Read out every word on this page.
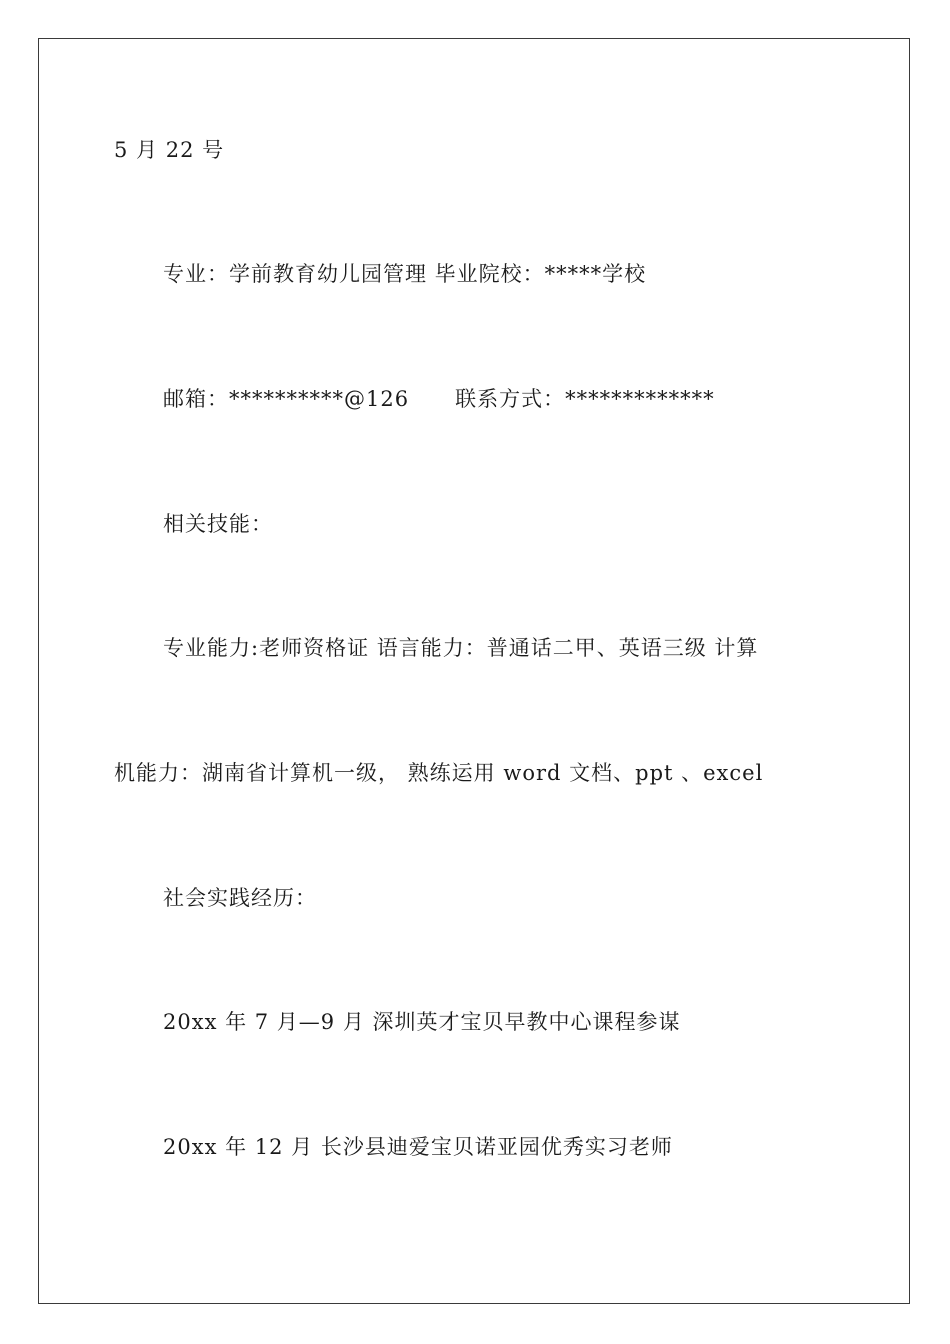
5 月 22 号
专业：学前教育幼儿园管理 毕业院校：*****学校
邮箱：**********@126      联系方式：*************
相关技能：
专业能力:老师资格证 语言能力：普通话二甲、英语三级 计算
机能力：湖南省计算机一级， 熟练运用 word 文档、ppt 、excel
社会实践经历：
20xx 年 7 月—9 月 深圳英才宝贝早教中心课程参谋
20xx 年 12 月 长沙县迪爱宝贝诺亚园优秀实习老师
